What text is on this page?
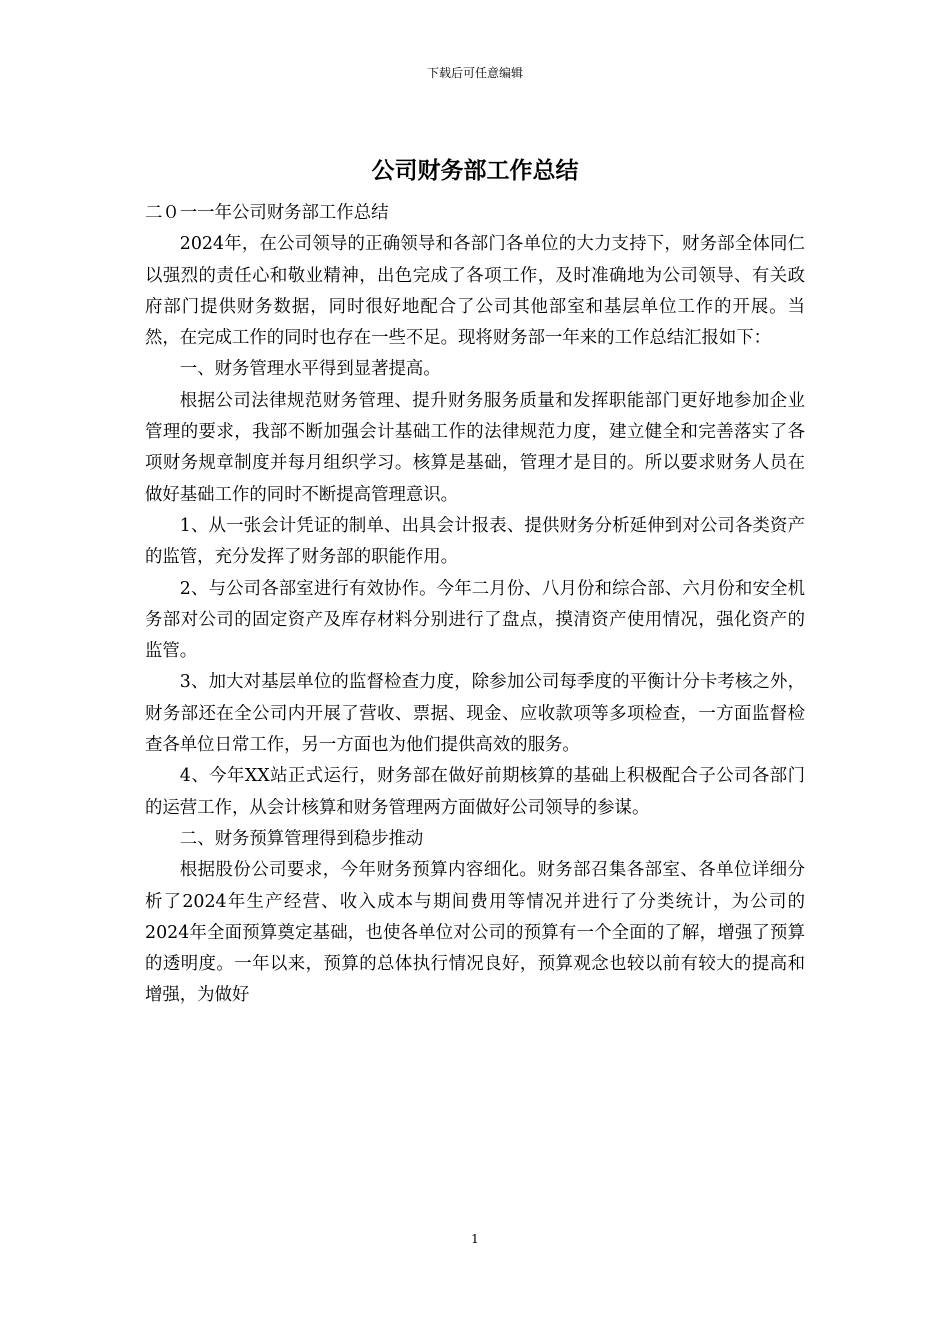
下载后可任意编辑
公司财务部工作总结

二０一一年公司财务部工作总结

2024年，在公司领导的正确领导和各部门各单位的大力支持下，财务部全体同仁以强烈的责任心和敬业精神，出色完成了各项工作，及时准确地为公司领导、有关政府部门提供财务数据，同时很好地配合了公司其他部室和基层单位工作的开展。当然，在完成工作的同时也存在一些不足。现将财务部一年来的工作总结汇报如下：

一、财务管理水平得到显著提高。

根据公司法律规范财务管理、提升财务服务质量和发挥职能部门更好地参加企业管理的要求，我部不断加强会计基础工作的法律规范力度，建立健全和完善落实了各项财务规章制度并每月组织学习。核算是基础，管理才是目的。所以要求财务人员在做好基础工作的同时不断提高管理意识。

1、从一张会计凭证的制单、出具会计报表、提供财务分析延伸到对公司各类资产的监管，充分发挥了财务部的职能作用。

2、与公司各部室进行有效协作。今年二月份、八月份和综合部、六月份和安全机务部对公司的固定资产及库存材料分别进行了盘点，摸清资产使用情况，强化资产的监管。

3、加大对基层单位的监督检查力度，除参加公司每季度的平衡计分卡考核之外，财务部还在全公司内开展了营收、票据、现金、应收款项等多项检查，一方面监督检查各单位日常工作，另一方面也为他们提供高效的服务。

4、今年XX站正式运行，财务部在做好前期核算的基础上积极配合子公司各部门的运营工作，从会计核算和财务管理两方面做好公司领导的参谋。

二、财务预算管理得到稳步推动

根据股份公司要求，今年财务预算内容细化。财务部召集各部室、各单位详细分析了2024年生产经营、收入成本与期间费用等情况并进行了分类统计，为公司的2024年全面预算奠定基础，也使各单位对公司的预算有一个全面的了解，增强了预算的透明度。一年以来，预算的总体执行情况良好，预算观念也较以前有较大的提高和增强，为做好

1
